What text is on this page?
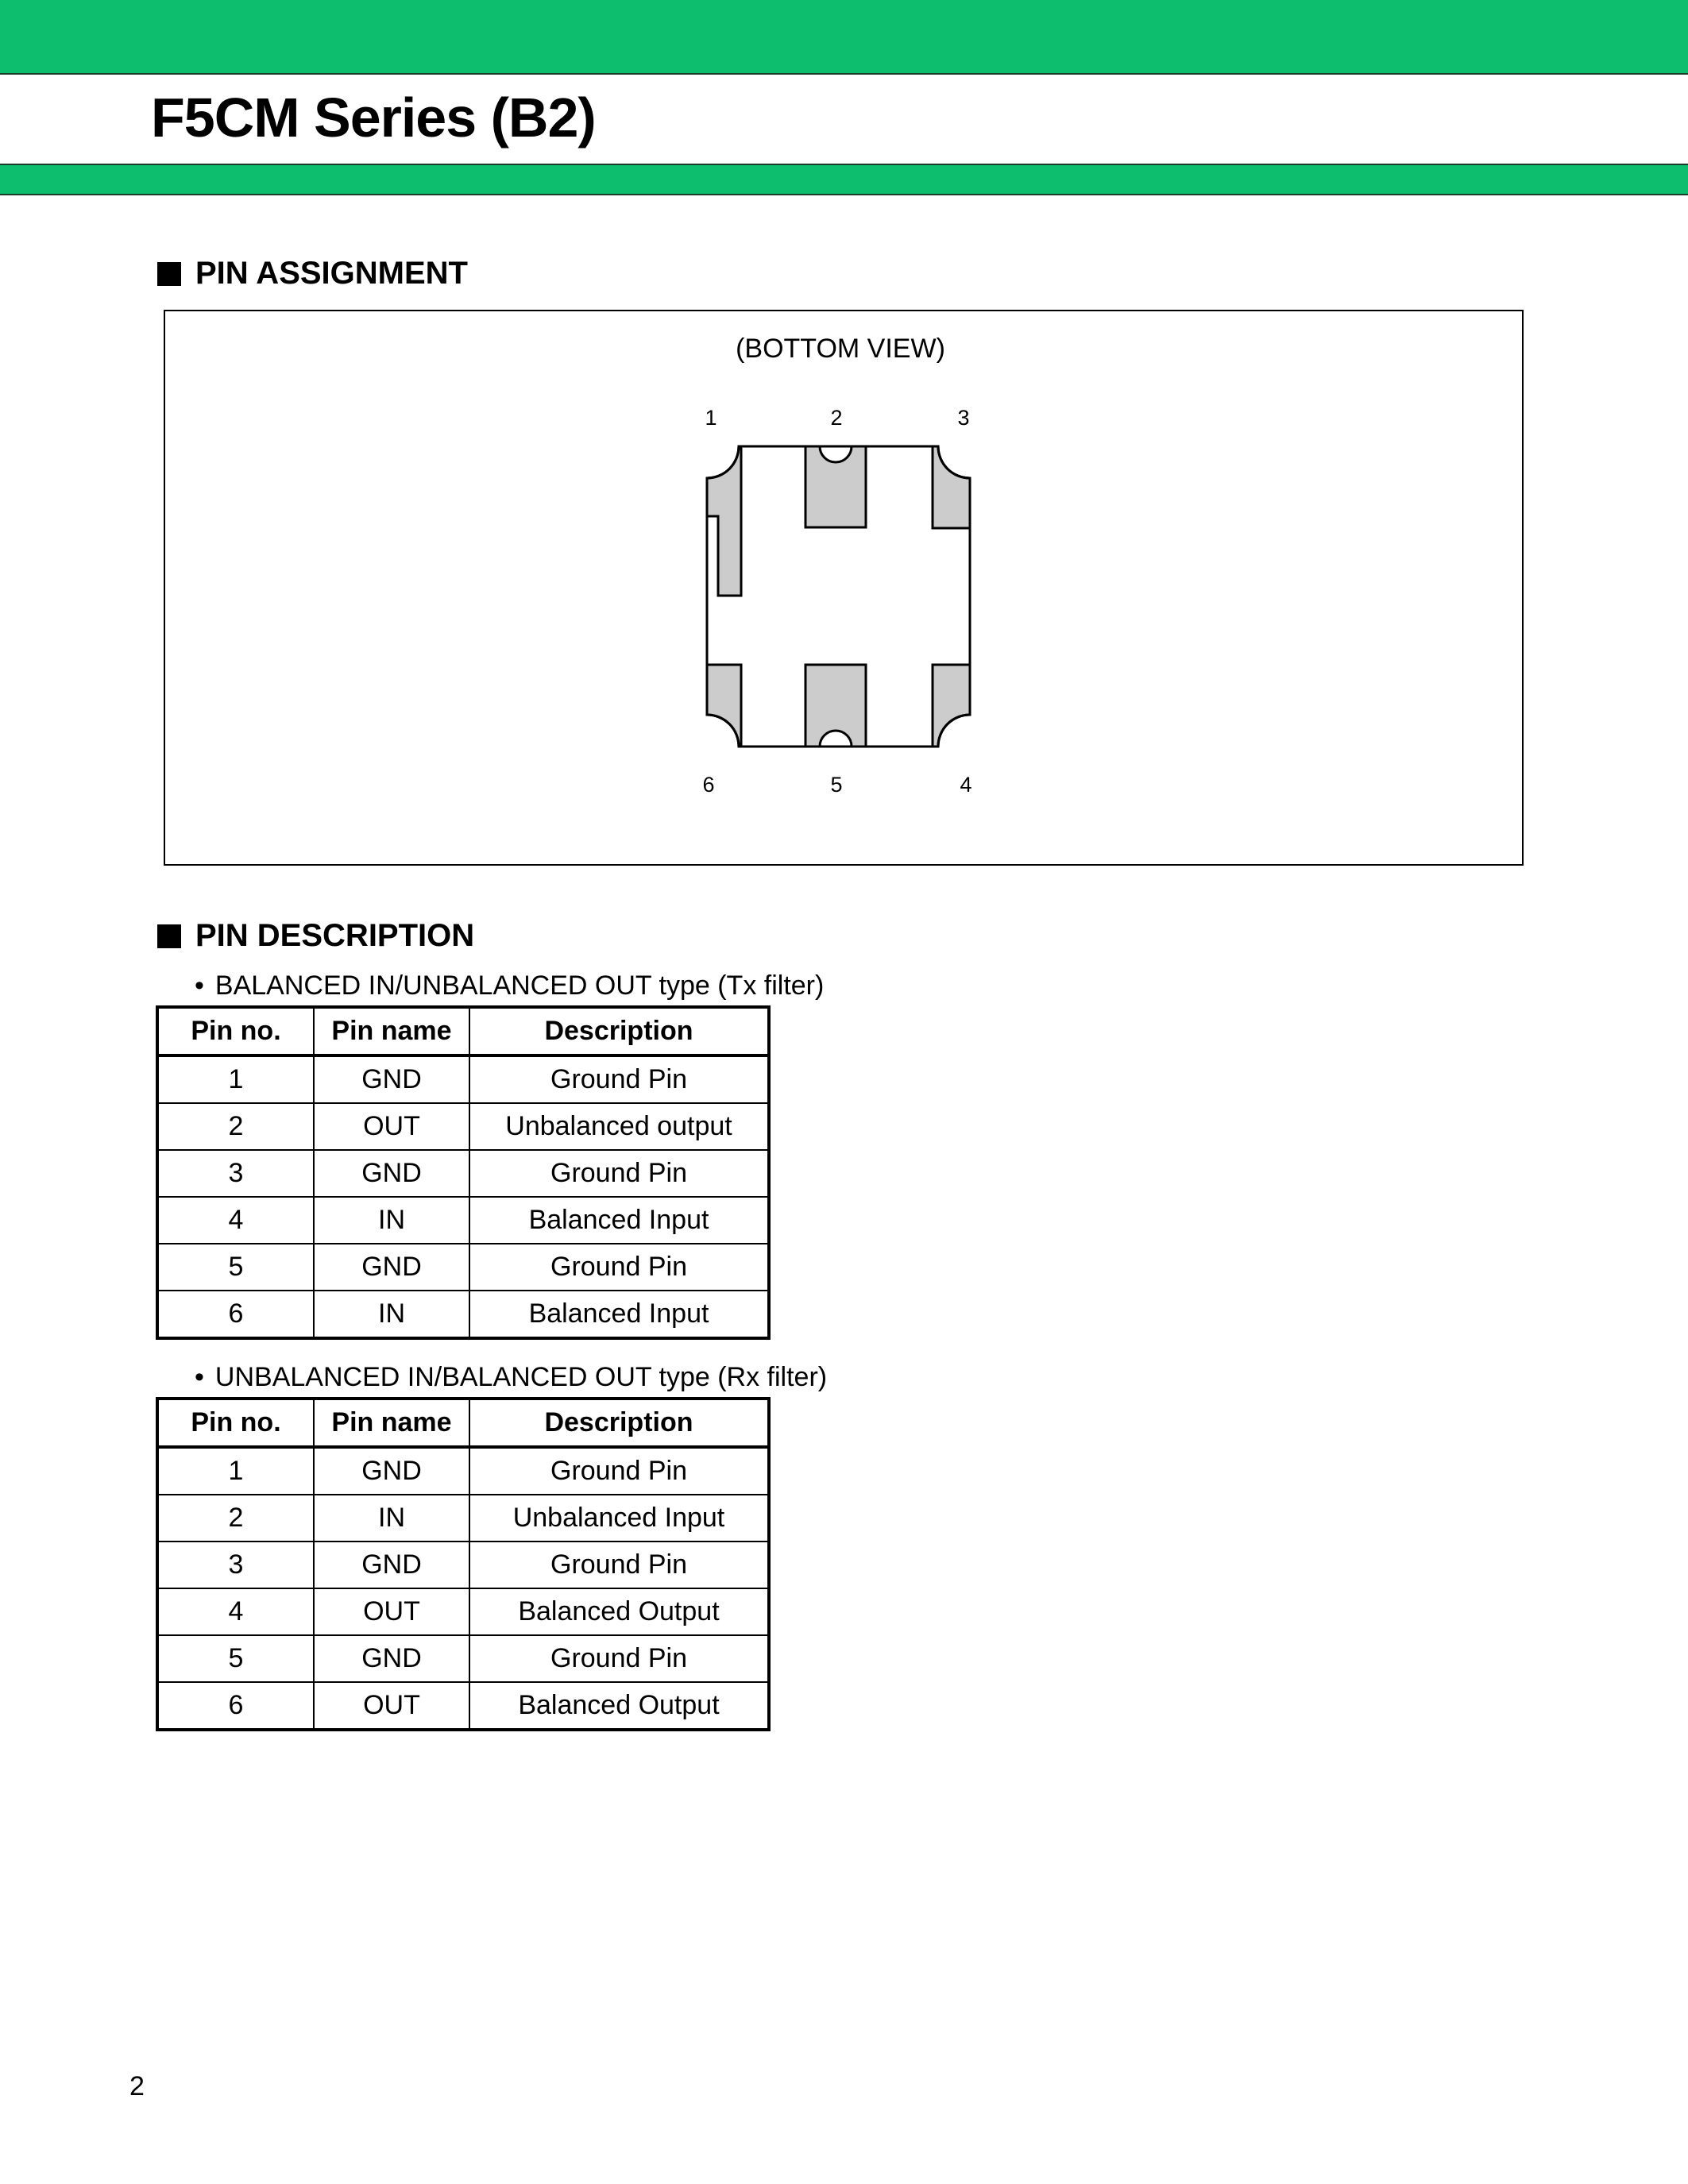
F5CM Series (B2)
PIN ASSIGNMENT
(BOTTOM VIEW)
1	2	3
4
5
6
PIN DESCRIPTION

• BALANCED IN/UNBALANCED OUT type (Tx filter)

Pin no.	Pin name	Description
1	GND	Ground Pin
2	OUT	Unbalanced output
3	GND	Ground Pin
4	IN	Balanced Input
5	GND	Ground Pin
6	IN	Balanced Input

• UNBALANCED IN/BALANCED OUT type (Rx filter)

Pin no.	Pin name	Description
1	GND	Ground Pin
2	IN	Unbalanced Input
3	GND	Ground Pin
4	OUT	Balanced Output
5	GND	Ground Pin
6	OUT	Balanced Output

2
